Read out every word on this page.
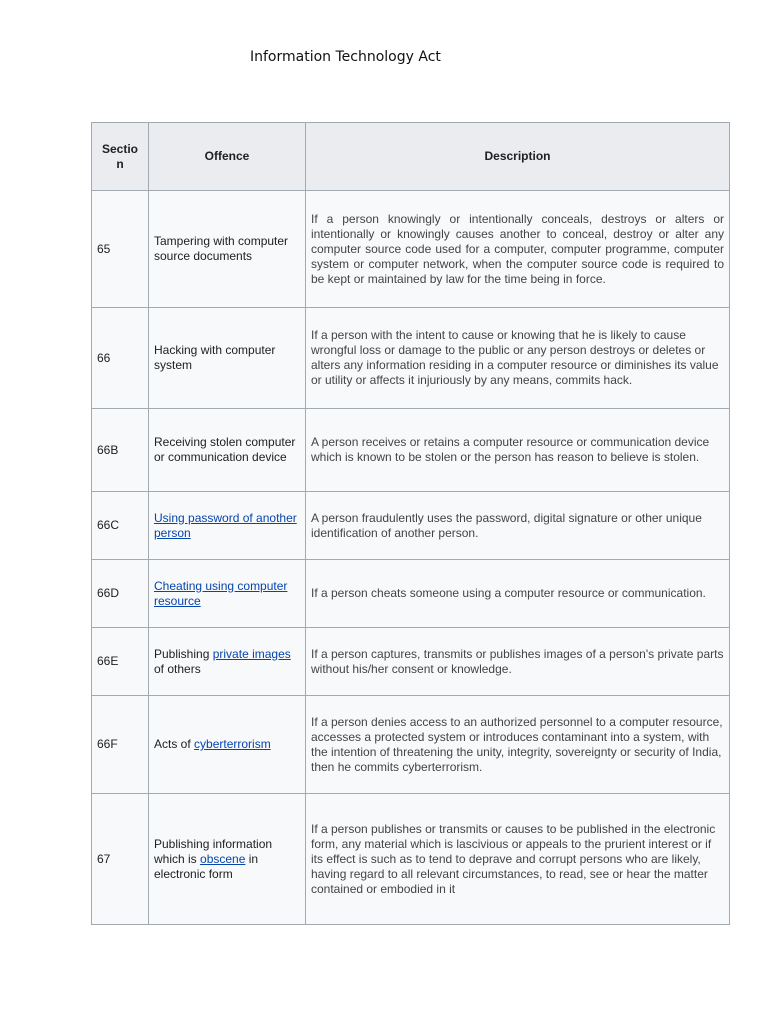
Information Technology Act
Sectio n	Offence	Description
65	Tampering with computer source documents	If a person knowingly or intentionally conceals, destroys or alters or intentionally or knowingly causes another to conceal, destroy or alter any computer source code used for a computer, computer programme, computer system or computer network, when the computer source code is required to be kept or maintained by law for the time being in force.
66	Hacking with computer system	If a person with the intent to cause or knowing that he is likely to cause wrongful loss or damage to the public or any person destroys or deletes or alters any information residing in a computer resource or diminishes its value or utility or affects it injuriously by any means, commits hack.
66B	Receiving stolen computer or communication device	A person receives or retains a computer resource or communication device which is known to be stolen or the person has reason to believe is stolen.
66C	Using password of another person	A person fraudulently uses the password, digital signature or other unique identification of another person.
66D	Cheating using computer resource	If a person cheats someone using a computer resource or communication.
66E	Publishing private images of others	If a person captures, transmits or publishes images of a person's private parts without his/her consent or knowledge.
66F	Acts of cyberterrorism	If a person denies access to an authorized personnel to a computer resource, accesses a protected system or introduces contaminant into a system, with the intention of threatening the unity, integrity, sovereignty or security of India, then he commits cyberterrorism.
67	Publishing information which is obscene in electronic form	If a person publishes or transmits or causes to be published in the electronic form, any material which is lascivious or appeals to the prurient interest or if its effect is such as to tend to deprave and corrupt persons who are likely, having regard to all relevant circumstances, to read, see or hear the matter contained or embodied in it
